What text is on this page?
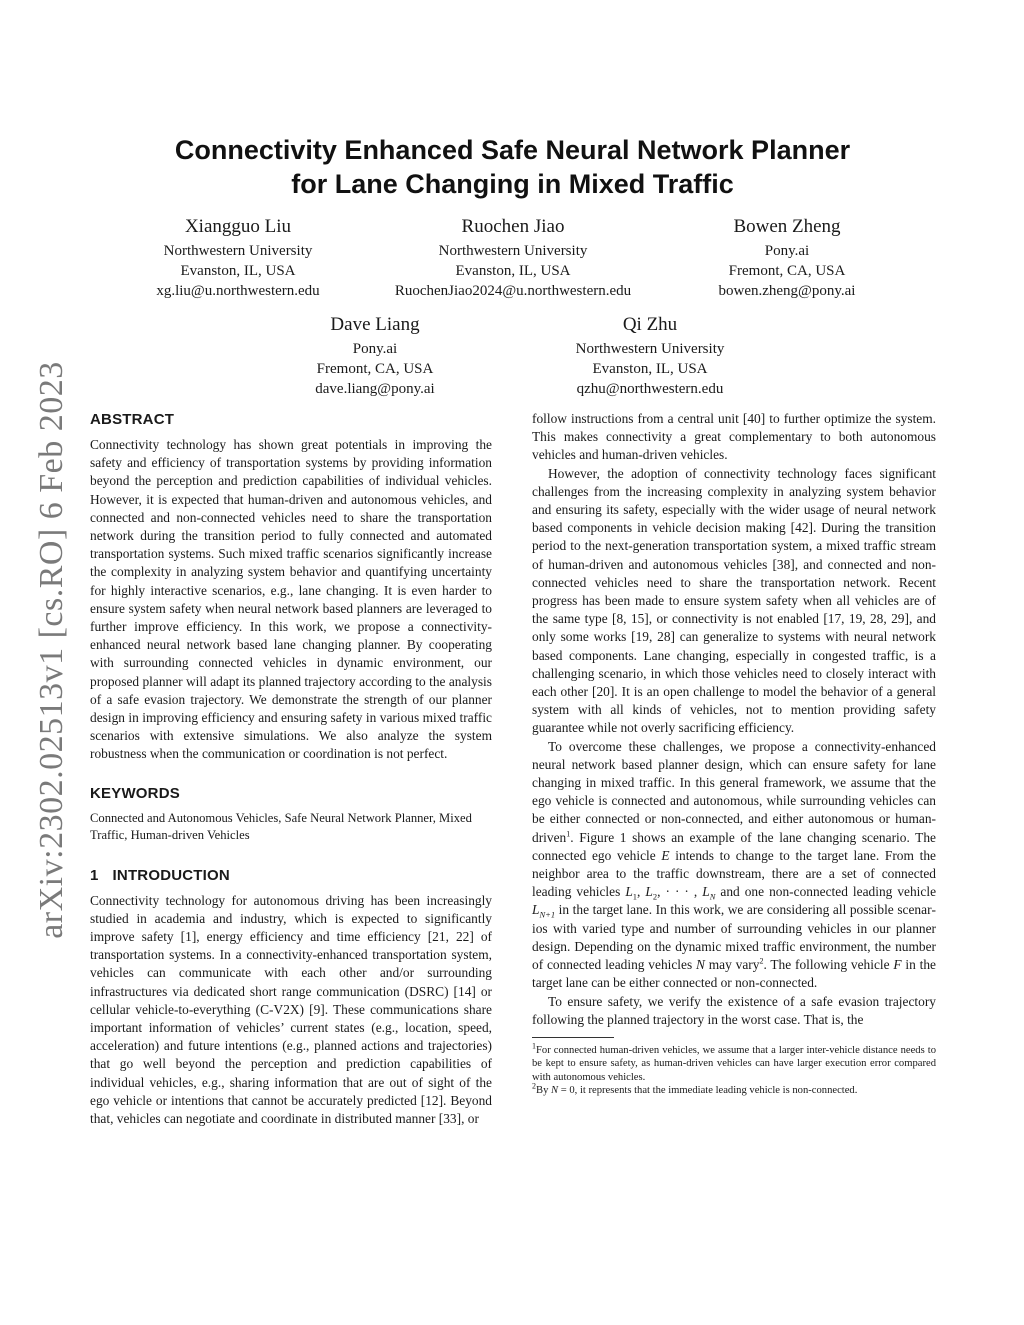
arXiv:2302.02513v1 [cs.RO] 6 Feb 2023
Connectivity Enhanced Safe Neural Network Planner
for Lane Changing in Mixed Traffic
Xiangguo Liu
Northwestern University
Evanston, IL, USA
xg.liu@u.northwestern.edu
Ruochen Jiao
Northwestern University
Evanston, IL, USA
RuochenJiao2024@u.northwestern.edu
Bowen Zheng
Pony.ai
Fremont, CA, USA
bowen.zheng@pony.ai
Dave Liang
Pony.ai
Fremont, CA, USA
dave.liang@pony.ai
Qi Zhu
Northwestern University
Evanston, IL, USA
qzhu@northwestern.edu
ABSTRACT

Connectivity technology has shown great potentials in improving the safety and efficiency of transportation systems by providing information beyond the perception and prediction capabilities of individual vehicles. However, it is expected that human-driven and autonomous vehicles, and connected and non-connected vehicles need to share the transportation network during the transition period to fully connected and automated transportation systems. Such mixed traffic scenarios significantly increase the complexity in analyzing system behavior and quantifying uncertainty for highly interactive scenarios, e.g., lane changing. It is even harder to ensure system safety when neural network based planners are leveraged to further improve efficiency. In this work, we propose a connectivity-enhanced neural network based lane changing planner. By cooperating with surrounding connected vehicles in dynamic environment, our proposed planner will adapt its planned trajectory according to the analysis of a safe evasion trajectory. We demonstrate the strength of our planner design in improving efficiency and ensuring safety in various mixed traffic scenarios with extensive simulations. We also analyze the system robustness when the communication or coordination is not perfect.

KEYWORDS

Connected and Autonomous Vehicles, Safe Neural Network Planner, Mixed Traffic, Human-driven Vehicles

1 INTRODUCTION

Connectivity technology for autonomous driving has been increasingly studied in academia and industry, which is expected to significantly improve safety [1], energy efficiency and time efficiency [21, 22] of transportation systems. In a connectivity-enhanced transportation system, vehicles can communicate with each other and/or surrounding infrastructures via dedicated short range communication (DSRC) [14] or cellular vehicle-to-everything (C-V2X) [9]. These communications share important information of vehicles’ current states (e.g., location, speed, acceleration) and future intentions (e.g., planned actions and trajectories) that go well beyond the perception and prediction capabilities of individual vehicles, e.g., sharing information that are out of sight of the ego vehicle or intentions that cannot be accurately predicted [12]. Beyond that, vehicles can negotiate and coordinate in distributed manner [33], or

follow instructions from a central unit [40] to further optimize the system. This makes connectivity a great complementary to both autonomous vehicles and human-driven vehicles.

However, the adoption of connectivity technology faces significant challenges from the increasing complexity in analyzing system behavior and ensuring its safety, especially with the wider usage of neural network based components in vehicle decision making [42]. During the transition period to the next-generation transportation system, a mixed traffic stream of human-driven and autonomous vehicles [38], and connected and non-connected vehicles need to share the transportation network. Recent progress has been made to ensure system safety when all vehicles are of the same type [8, 15], or connectivity is not enabled [17, 19, 28, 29], and only some works [19, 28] can generalize to systems with neural network based components. Lane changing, especially in congested traffic, is a challenging scenario, in which those vehicles need to closely interact with each other [20]. It is an open challenge to model the behavior of a general system with all kinds of vehicles, not to mention providing safety guarantee while not overly sacrificing efficiency.

To overcome these challenges, we propose a connectivity-enhanced neural network based planner design, which can ensure safety for lane changing in mixed traffic. In this general framework, we assume that the ego vehicle is connected and autonomous, while surrounding vehicles can be either connected or non-connected, and either autonomous or human-driven$^1$. Figure 1 shows an example of the lane changing scenario. The connected ego vehicle E intends to change to the target lane. From the neighbor area to the traffic downstream, there are a set of connected leading vehicles $L_1$, $L_2$, · · · , $L_N$ and one non-connected leading vehicle $L_{N+1}$ in the target lane. In this work, we are considering all possible scenarios with varied type and number of surrounding vehicles in our planner design. Depending on the dynamic mixed traffic environment, the number of connected leading vehicles N may vary$^2$. The following vehicle F in the target lane can be either connected or non-connected.

To ensure safety, we verify the existence of a safe evasion trajectory following the planned trajectory in the worst case. That is, the

$^1$For connected human-driven vehicles, we assume that a larger inter-vehicle distance needs to be kept to ensure safety, as human-driven vehicles can have larger execution error compared with autonomous vehicles.

$^2$By N = 0, it represents that the immediate leading vehicle is non-connected.
